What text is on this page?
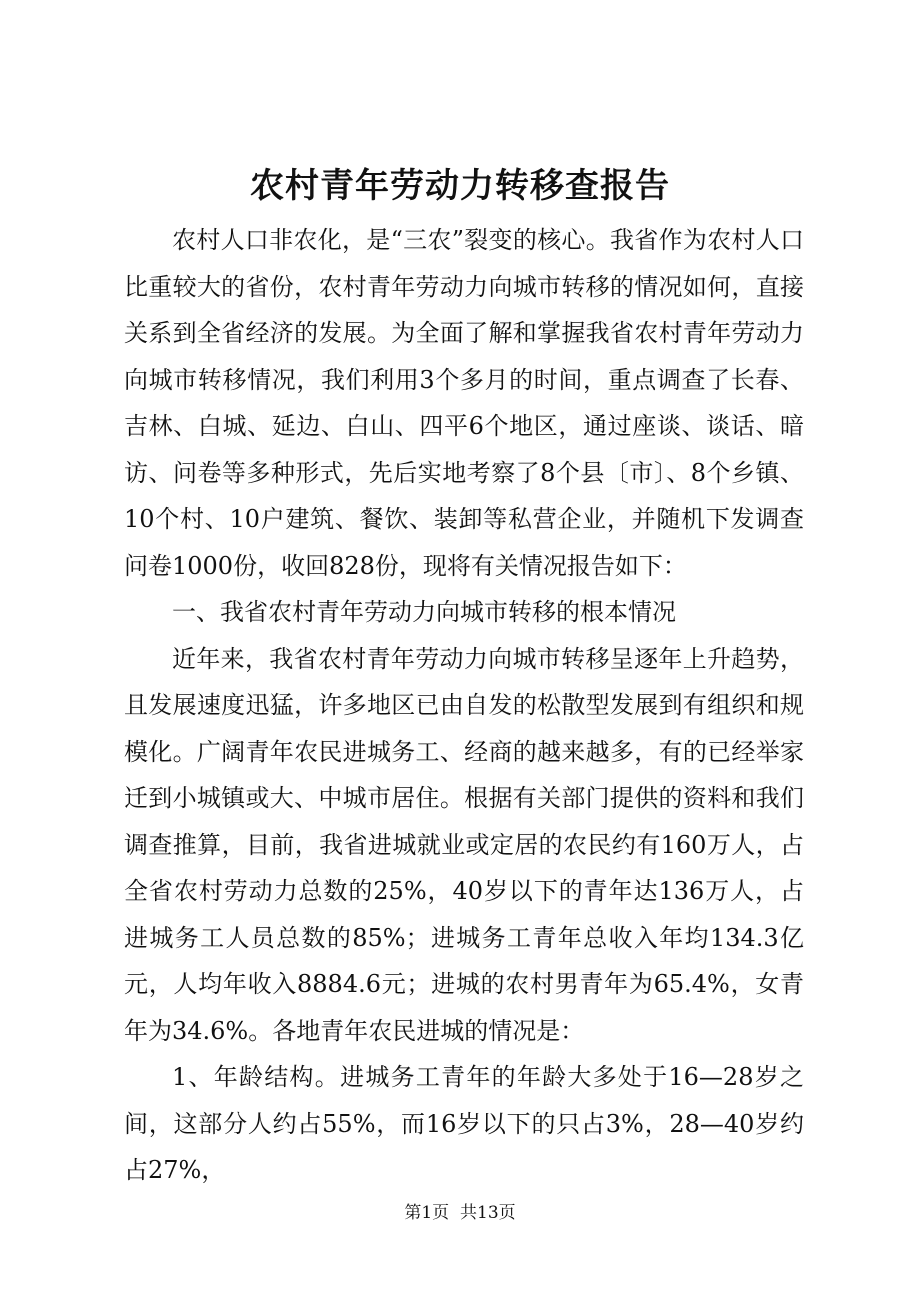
农村青年劳动力转移查报告

农村人口非农化，是“三农”裂变的核心。我省作为农村人口比重较大的省份，农村青年劳动力向城市转移的情况如何，直接关系到全省经济的发展。为全面了解和掌握我省农村青年劳动力向城市转移情况，我们利用3个多月的时间，重点调查了长春、吉林、白城、延边、白山、四平6个地区，通过座谈、谈话、暗访、问卷等多种形式，先后实地考察了8个县〔市〕、8个乡镇、10个村、10户建筑、餐饮、装卸等私营企业，并随机下发调查问卷1000份，收回828份，现将有关情况报告如下：

一、我省农村青年劳动力向城市转移的根本情况

近年来，我省农村青年劳动力向城市转移呈逐年上升趋势，且发展速度迅猛，许多地区已由自发的松散型发展到有组织和规模化。广阔青年农民进城务工、经商的越来越多，有的已经举家迁到小城镇或大、中城市居住。根据有关部门提供的资料和我们调查推算，目前，我省进城就业或定居的农民约有160万人，占全省农村劳动力总数的25%，40岁以下的青年达136万人，占进城务工人员总数的85%；进城务工青年总收入年均134.3亿元，人均年收入8884.6元；进城的农村男青年为65.4%，女青年为34.6%。各地青年农民进城的情况是：

1、年龄结构。进城务工青年的年龄大多处于16—28岁之间，这部分人约占55%，而16岁以下的只占3%，28—40岁约占27%，

第1页 共13页
